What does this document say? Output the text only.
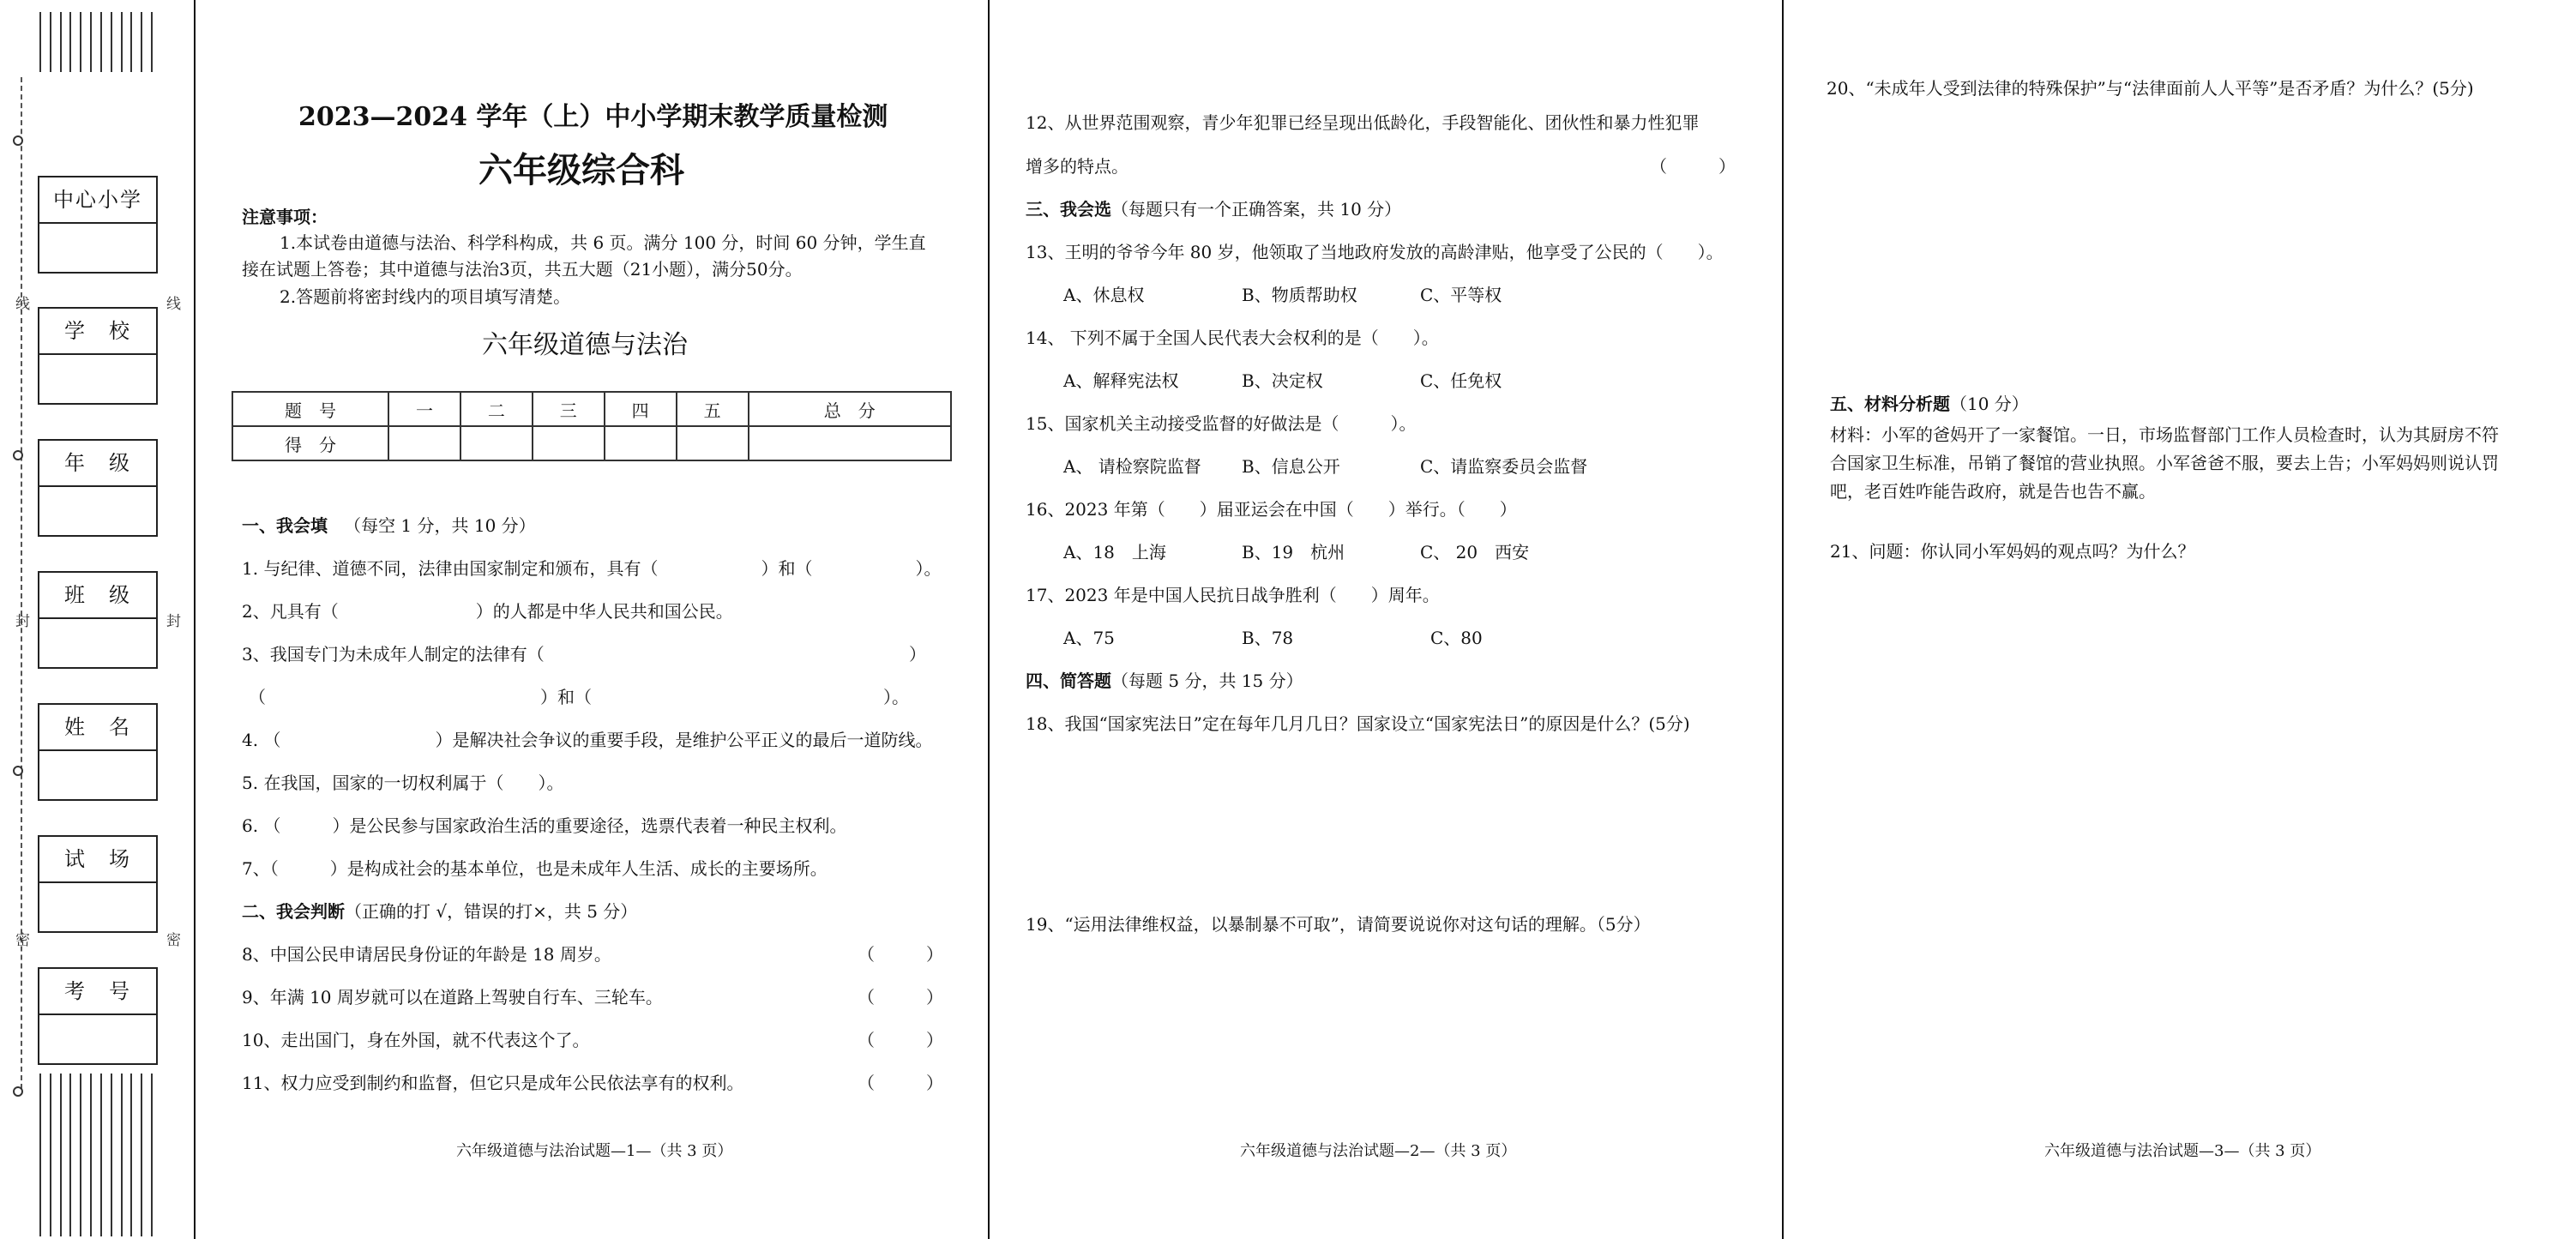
线	线
封	封
密	密
中心小学
学　校
年　级
班　级
姓　名
试　场
考　号
2023—2024 学年（上）中小学期末教学质量检测
六年级综合科
注意事项：
1.本试卷由道德与法治、科学科构成，共 6 页。满分 100 分，时间 60 分钟，学生直
接在试题上答卷；其中道德与法治3页，共五大题（21小题），满分50分。
2.答题前将密封线内的项目填写清楚。
六年级道德与法治
题　号	一	二	三	四	五	总　分
得　分						
一、我会填 （每空 1 分，共 10 分）
1. 与纪律、道德不同，法律由国家制定和颁布，具有（　　　　　　）和（　　　　　　）。
2、凡具有（　　　　　　　　）的人都是中华人民共和国公民。
3、我国专门为未成年人制定的法律有（	）
（	）和（	）。
4. （　　　　　　　　　）是解决社会争议的重要手段，是维护公平正义的最后一道防线。
5. 在我国，国家的一切权利属于（　　）。
6. （　　　）是公民参与国家政治生活的重要途径，选票代表着一种民主权利。
7、（　　　）是构成社会的基本单位，也是未成年人生活、成长的主要场所。
二、我会判断（正确的打 √，错误的打×，共 5 分）
8、中国公民申请居民身份证的年龄是 18 周岁。	（　　　）
9、年满 10 周岁就可以在道路上驾驶自行车、三轮车。	（　　　）
10、走出国门，身在外国，就不代表这个了。	（　　　）
11、权力应受到制约和监督，但它只是成年公民依法享有的权利。	（　　　）
六年级道德与法治试题—1—（共 3 页）
12、从世界范围观察，青少年犯罪已经呈现出低龄化，手段智能化、团伙性和暴力性犯罪
增多的特点。	（　　　）
三、我会选（每题只有一个正确答案，共 10 分）
13、王明的爷爷今年 80 岁，他领取了当地政府发放的高龄津贴，他享受了公民的（　　）。
A、休息权	B、物质帮助权	C、平等权
14、 下列不属于全国人民代表大会权利的是（　　）。
A、解释宪法权	B、决定权	C、任免权
15、国家机关主动接受监督的好做法是（　　　）。
A、 请检察院监督 B、信息公开	C、请监察委员会监督
16、2023 年第（　　）届亚运会在中国（　　）举行。（　　）
A、18　上海	B、19　杭州	C、 20　西安
17、2023 年是中国人民抗日战争胜利（　　）周年。
A、75	B、78	C、80
四、简答题（每题 5 分，共 15 分）
18、我国“国家宪法日”定在每年几月几日？国家设立“国家宪法日”的原因是什么？(5分)
19、“运用法律维权益，以暴制暴不可取”，请简要说说你对这句话的理解。（5分）
六年级道德与法治试题—2—（共 3 页）
20、“未成年人受到法律的特殊保护”与“法律面前人人平等”是否矛盾？为什么？(5分)
五、材料分析题（10 分）
材料：小军的爸妈开了一家餐馆。一日，市场监督部门工作人员检查时，认为其厨房不符
合国家卫生标准，吊销了餐馆的营业执照。小军爸爸不服，要去上告；小军妈妈则说认罚
吧，老百姓咋能告政府，就是告也告不赢。
21、问题：你认同小军妈妈的观点吗？为什么？
六年级道德与法治试题—3—（共 3 页）
